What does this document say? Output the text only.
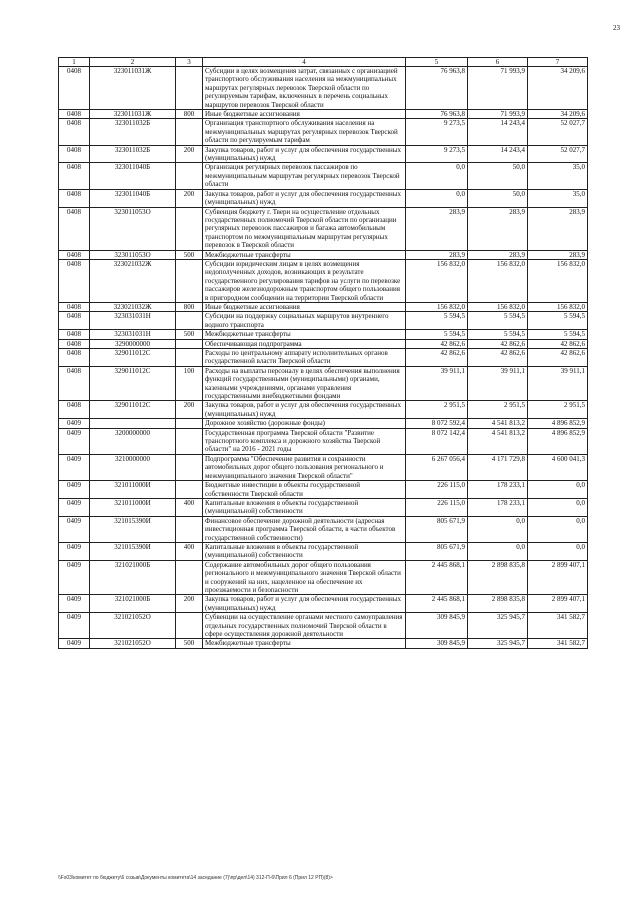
23
1	2	3	4	5	6	7
0408	323011031Ж		Субсидии в целях возмещения затрат, связанных с организацией транспортного обслуживания населения на межмуниципальных маршрутах регулярных перевозок Тверской области по регулируемым тарифам, включенных в перечень социальных маршрутов перевозок Тверской области	76 963,8	71 993,9	34 209,6
0408	323011031Ж	800	Иные бюджетные ассигнования	76 963,8	71 993,9	34 209,6
0408	323011032Б		Организация транспортного обслуживания населения на межмуниципальных маршрутах регулярных перевозок Тверской области по регулируемым тарифам	9 273,5	14 243,4	52 027,7
0408	323011032Б	200	Закупка товаров, работ и услуг для обеспечения государственных (муниципальных) нужд	9 273,5	14 243,4	52 027,7
0408	323011040Б		Организация регулярных перевозок пассажиров по межмуниципальным маршрутам регулярных перевозок Тверской области	0,0	50,0	35,0
0408	323011040Б	200	Закупка товаров, работ и услуг для обеспечения государственных (муниципальных) нужд	0,0	50,0	35,0
0408	323011053О		Субвенция бюджету г. Твери на осуществление отдельных государственных полномочий Тверской области по организации регулярных перевозок пассажиров и багажа автомобильным транспортом по межмуниципальным маршрутам регулярных перевозок в Тверской области	283,9	283,9	283,9
0408	323011053О	500	Межбюджетные трансферты	283,9	283,9	283,9
0408	323021032Ж		Субсидии юридическим лицам в целях возмещения недополученных доходов, возникающих в результате государственного регулирования тарифов на услуги по перевозке пассажиров железнодорожным транспортом общего пользования в пригородном сообщении на территории Тверской области	156 832,0	156 832,0	156 832,0
0408	323021032Ж	800	Иные бюджетные ассигнования	156 832,0	156 832,0	156 832,0
0408	323031031Н		Субсидии на поддержку социальных маршрутов внутреннего водного транспорта	5 594,5	5 594,5	5 594,5
0408	323031031Н	500	Межбюджетные трансферты	5 594,5	5 594,5	5 594,5
0408	3290000000		Обеспечивающая подпрограмма	42 862,6	42 862,6	42 862,6
0408	329011012С		Расходы по центральному аппарату исполнительных органов государственной власти Тверской области	42 862,6	42 862,6	42 862,6
0408	329011012С	100	Расходы на выплаты персоналу в целях обеспечения выполнения функций государственными (муниципальными) органами, казенными учреждениями, органами управления государственными внебюджетными фондами	39 911,1	39 911,1	39 911,1
0408	329011012С	200	Закупка товаров, работ и услуг для обеспечения государственных (муниципальных) нужд	2 951,5	2 951,5	2 951,5
0409			Дорожное хозяйство (дорожные фонды)	8 072 592,4	4 541 813,2	4 896 852,9
0409	3200000000		Государственная программа Тверской области "Развитие транспортного комплекса и дорожного хозяйства Тверской области" на 2016 - 2021 годы	8 072 142,4	4 541 813,2	4 896 852,9
0409	3210000000		Подпрограмма "Обеспечение развития и сохранности автомобильных дорог общего пользования регионального и межмуниципального значения Тверской области"	6 267 056,4	4 171 729,8	4 600 041,3
0409	321011000И		Бюджетные инвестиции в объекты государственной собственности Тверской области	226 115,0	178 233,1	0,0
0409	321011000И	400	Капитальные вложения в объекты государственной (муниципальной) собственности	226 115,0	178 233,1	0,0
0409	321015390И		Финансовое обеспечение дорожной деятельности (адресная инвестиционная программа Тверской области, в части объектов государственной собственности)	805 671,9	0,0	0,0
0409	321015390И	400	Капитальные вложения в объекты государственной (муниципальной) собственности	805 671,9	0,0	0,0
0409	321021000Б		Содержание автомобильных дорог общего пользования регионального и межмуниципального значения Тверской области и сооружений на них, нацеленное на обеспечение их проезжаемости и безопасности	2 445 868,1	2 898 835,8	2 899 407,1
0409	321021000Б	200	Закупка товаров, работ и услуг для обеспечения государственных (муниципальных) нужд	2 445 868,1	2 898 835,8	2 899 407,1
0409	321021052О		Субвенции на осуществление органами местного самоуправления отдельных государственных полномочий Тверской области в сфере осуществления дорожной деятельности	309 845,9	325 945,7	341 582,7
0409	321021052О	500	Межбюджетные трансферты	309 845,9	325 945,7	341 582,7
\\Fs03\комитет по бюджету\6 созыв\Документы комитета\14 заседание (7)\пр\дел\14) 312-П-6\Прил 6 (Прил 12 РП)(8)>
